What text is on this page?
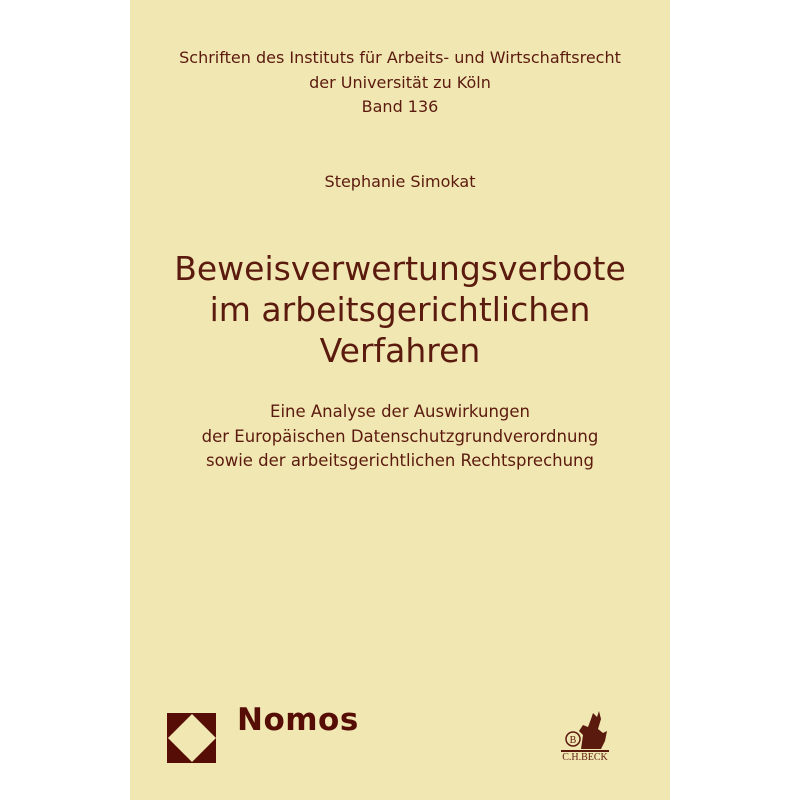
Schriften des Instituts für Arbeits- und Wirtschaftsrecht
der Universität zu Köln
Band 136
Stephanie Simokat
Beweisverwertungsverbote
im arbeitsgerichtlichen
Verfahren
Eine Analyse der Auswirkungen
der Europäischen Datenschutzgrundverordnung
sowie der arbeitsgerichtlichen Rechtsprechung
Nomos
B
C.H.BECK
